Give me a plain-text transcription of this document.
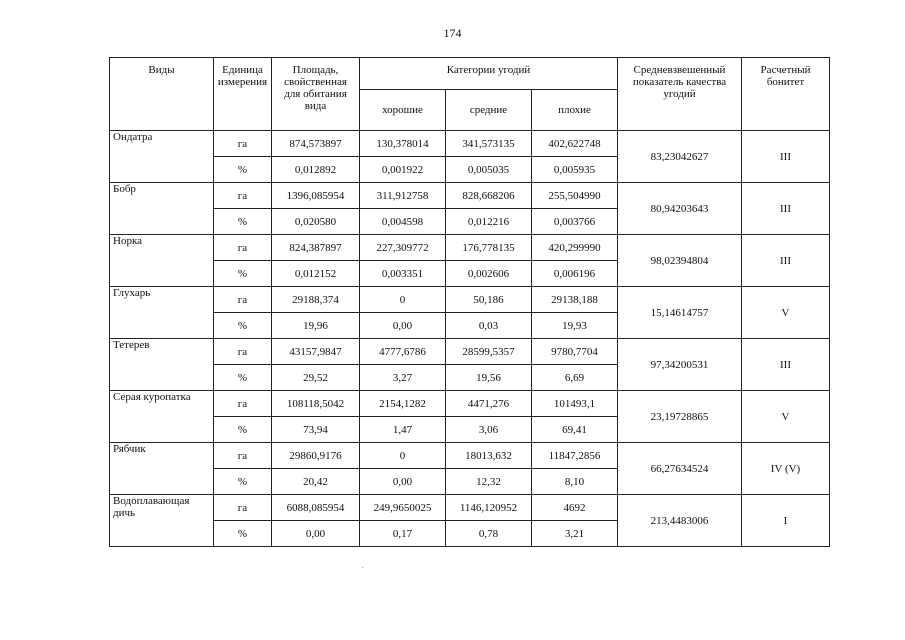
174
Виды	Единица измерения	Площадь, свойственная для обитания вида	Категории угодий			Средневзвешенный показатель качества угодий	Расчетный бонитет
			хорошие	средние	плохие		
Ондатра	га	874,573897	130,378014	341,573135	402,622748	83,23042627	III
	%	0,012892	0,001922	0,005035	0,005935		
Бобр	га	1396,085954	311,912758	828,668206	255,504990	80,94203643	III
	%	0,020580	0,004598	0,012216	0,003766		
Норка	га	824,387897	227,309772	176,778135	420,299990	98,02394804	III
	%	0,012152	0,003351	0,002606	0,006196		
Глухарь	га	29188,374	0	50,186	29138,188	15,14614757	V
	%	19,96	0,00	0,03	19,93		
Тетерев	га	43157,9847	4777,6786	28599,5357	9780,7704	97,34200531	III
	%	29,52	3,27	19,56	6,69		
Серая куропатка	га	108118,5042	2154,1282	4471,276	101493,1	23,19728865	V
	%	73,94	1,47	3,06	69,41		
Рябчик	га	29860,9176	0	18013,632	11847,2856	66,27634524	IV (V)
	%	20,42	0,00	12,32	8,10		
Водоплавающая дичь	га	6088,085954	249,9650025	1146,120952	4692	213,4483006	I
	%	0,00	0,17	0,78	3,21		
